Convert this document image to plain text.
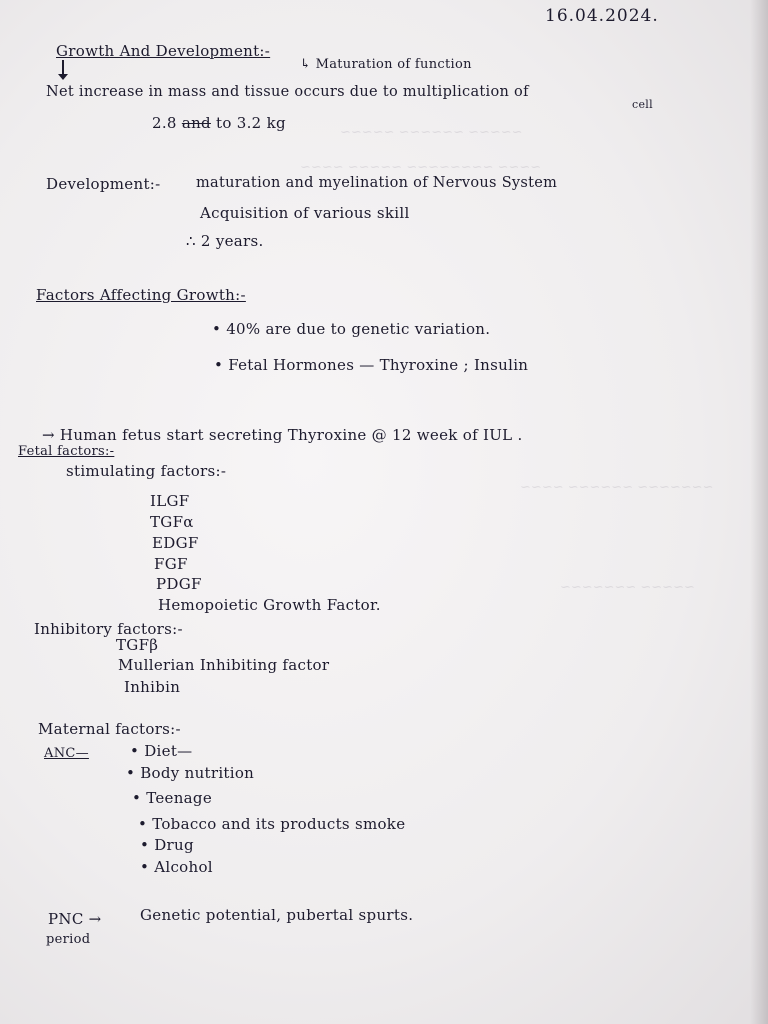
~~~~~ ~~~~~~ ~~~~~
~~~~ ~~~~~~~~ ~~~~~ ~~~~
~~~~~~~ ~~~~~~ ~~~~
~~~~~ ~~~~~~~
16.04.2024.
Growth And Development:-
↳ Maturation of function
Net increase in mass and tissue occurs due to multiplication of
cell
2.8 and to 3.2 kg
Development:- maturation and myelination of Nervous System
Acquisition of various skill
∴ 2 years.
Factors Affecting Growth:-
• 40% are due to genetic variation.
• Fetal Hormones — Thyroxine ; Insulin
→ Human fetus start secreting Thyroxine @ 12 week of IUL .
Fetal factors:-
stimulating factors:-
ILGF
TGFα
EDGF
FGF
PDGF
Hemopoietic Growth Factor.
Inhibitory factors:-
TGFβ
Mullerian Inhibiting factor
Inhibin
Maternal factors:-
ANC—	• Diet—
• Body nutrition
• Teenage
• Tobacco and its products smoke
• Drug
• Alcohol
PNC →
period
Genetic potential, pubertal spurts.
